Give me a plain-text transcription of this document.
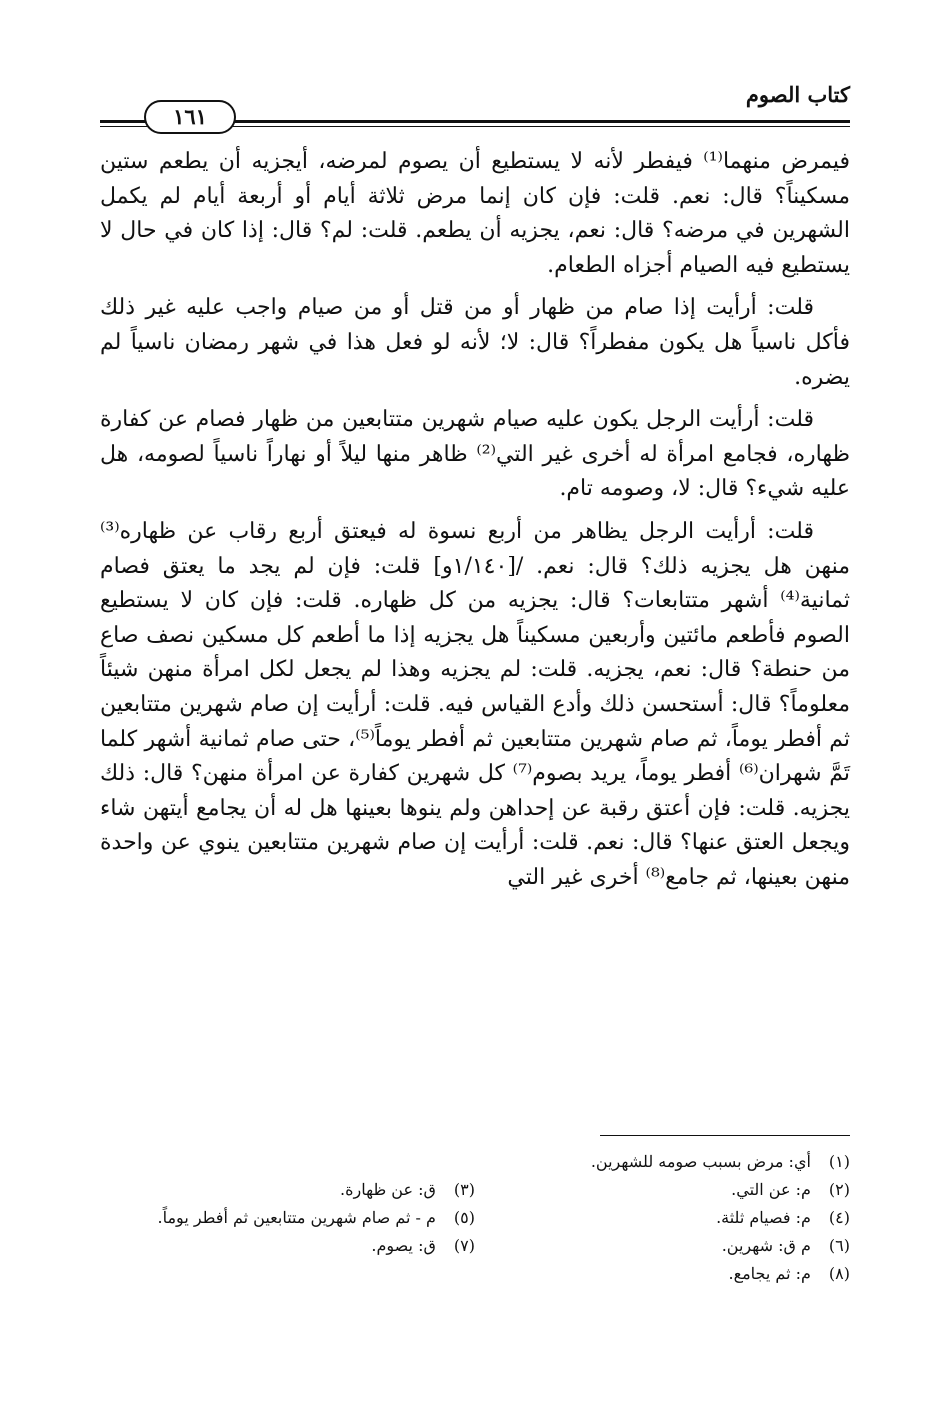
كتاب الصوم
١٦١

فيمرض منهما⁽¹⁾ فيفطر لأنه لا يستطيع أن يصوم لمرضه، أيجزيه أن يطعم ستين مسكيناً؟ قال: نعم. قلت: فإن كان إنما مرض ثلاثة أيام أو أربعة أيام لم يكمل الشهرين في مرضه؟ قال: نعم، يجزيه أن يطعم. قلت: لم؟ قال: إذا كان في حال لا يستطيع فيه الصيام أجزاه الطعام.

قلت: أرأيت إذا صام من ظهار أو من قتل أو من صيام واجب عليه غير ذلك فأكل ناسياً هل يكون مفطراً؟ قال: لا؛ لأنه لو فعل هذا في شهر رمضان ناسياً لم يضره.

قلت: أرأيت الرجل يكون عليه صيام شهرين متتابعين من ظهار فصام عن كفارة ظهاره، فجامع امرأة له أخرى غير التي⁽²⁾ ظاهر منها ليلاً أو نهاراً ناسياً لصومه، هل عليه شيء؟ قال: لا، وصومه تام.

قلت: أرأيت الرجل يظاهر من أربع نسوة له فيعتق أربع رقاب عن ظهاره⁽³⁾ منهن هل يجزيه ذلك؟ قال: نعم. /[١/١٤٠و] قلت: فإن لم يجد ما يعتق فصام ثمانية⁽⁴⁾ أشهر متتابعات؟ قال: يجزيه من كل ظهاره. قلت: فإن كان لا يستطيع الصوم فأطعم مائتين وأربعين مسكيناً هل يجزيه إذا ما أطعم كل مسكين نصف صاع من حنطة؟ قال: نعم، يجزيه. قلت: لم يجزيه وهذا لم يجعل لكل امرأة منهن شيئاً معلوماً؟ قال: أستحسن ذلك وأدع القياس فيه. قلت: أرأيت إن صام شهرين متتابعين ثم أفطر يوماً، ثم صام شهرين متتابعين ثم أفطر يوماً⁽⁵⁾، حتى صام ثمانية أشهر كلما تَمَّ شهران⁽⁶⁾ أفطر يوماً، يريد بصوم⁽⁷⁾ كل شهرين كفارة عن امرأة منهن؟ قال: ذلك يجزيه. قلت: فإن أعتق رقبة عن إحداهن ولم ينوها بعينها هل له أن يجامع أيتهن شاء ويجعل العتق عنها؟ قال: نعم. قلت: أرأيت إن صام شهرين متتابعين ينوي عن واحدة منهن بعينها، ثم جامع⁽⁸⁾ أخرى غير التي

(١) أي: مرض بسبب صومه للشهرين.
(٢) م: عن التي.
(٣) ق: عن ظهارة.
(٤) م: فصيام ثلثة.
(٥) م - ثم صام شهرين متتابعين ثم أفطر يوماً.
(٦) م ق: شهرين.
(٧) ق: يصوم.
(٨) م: ثم يجامع.
